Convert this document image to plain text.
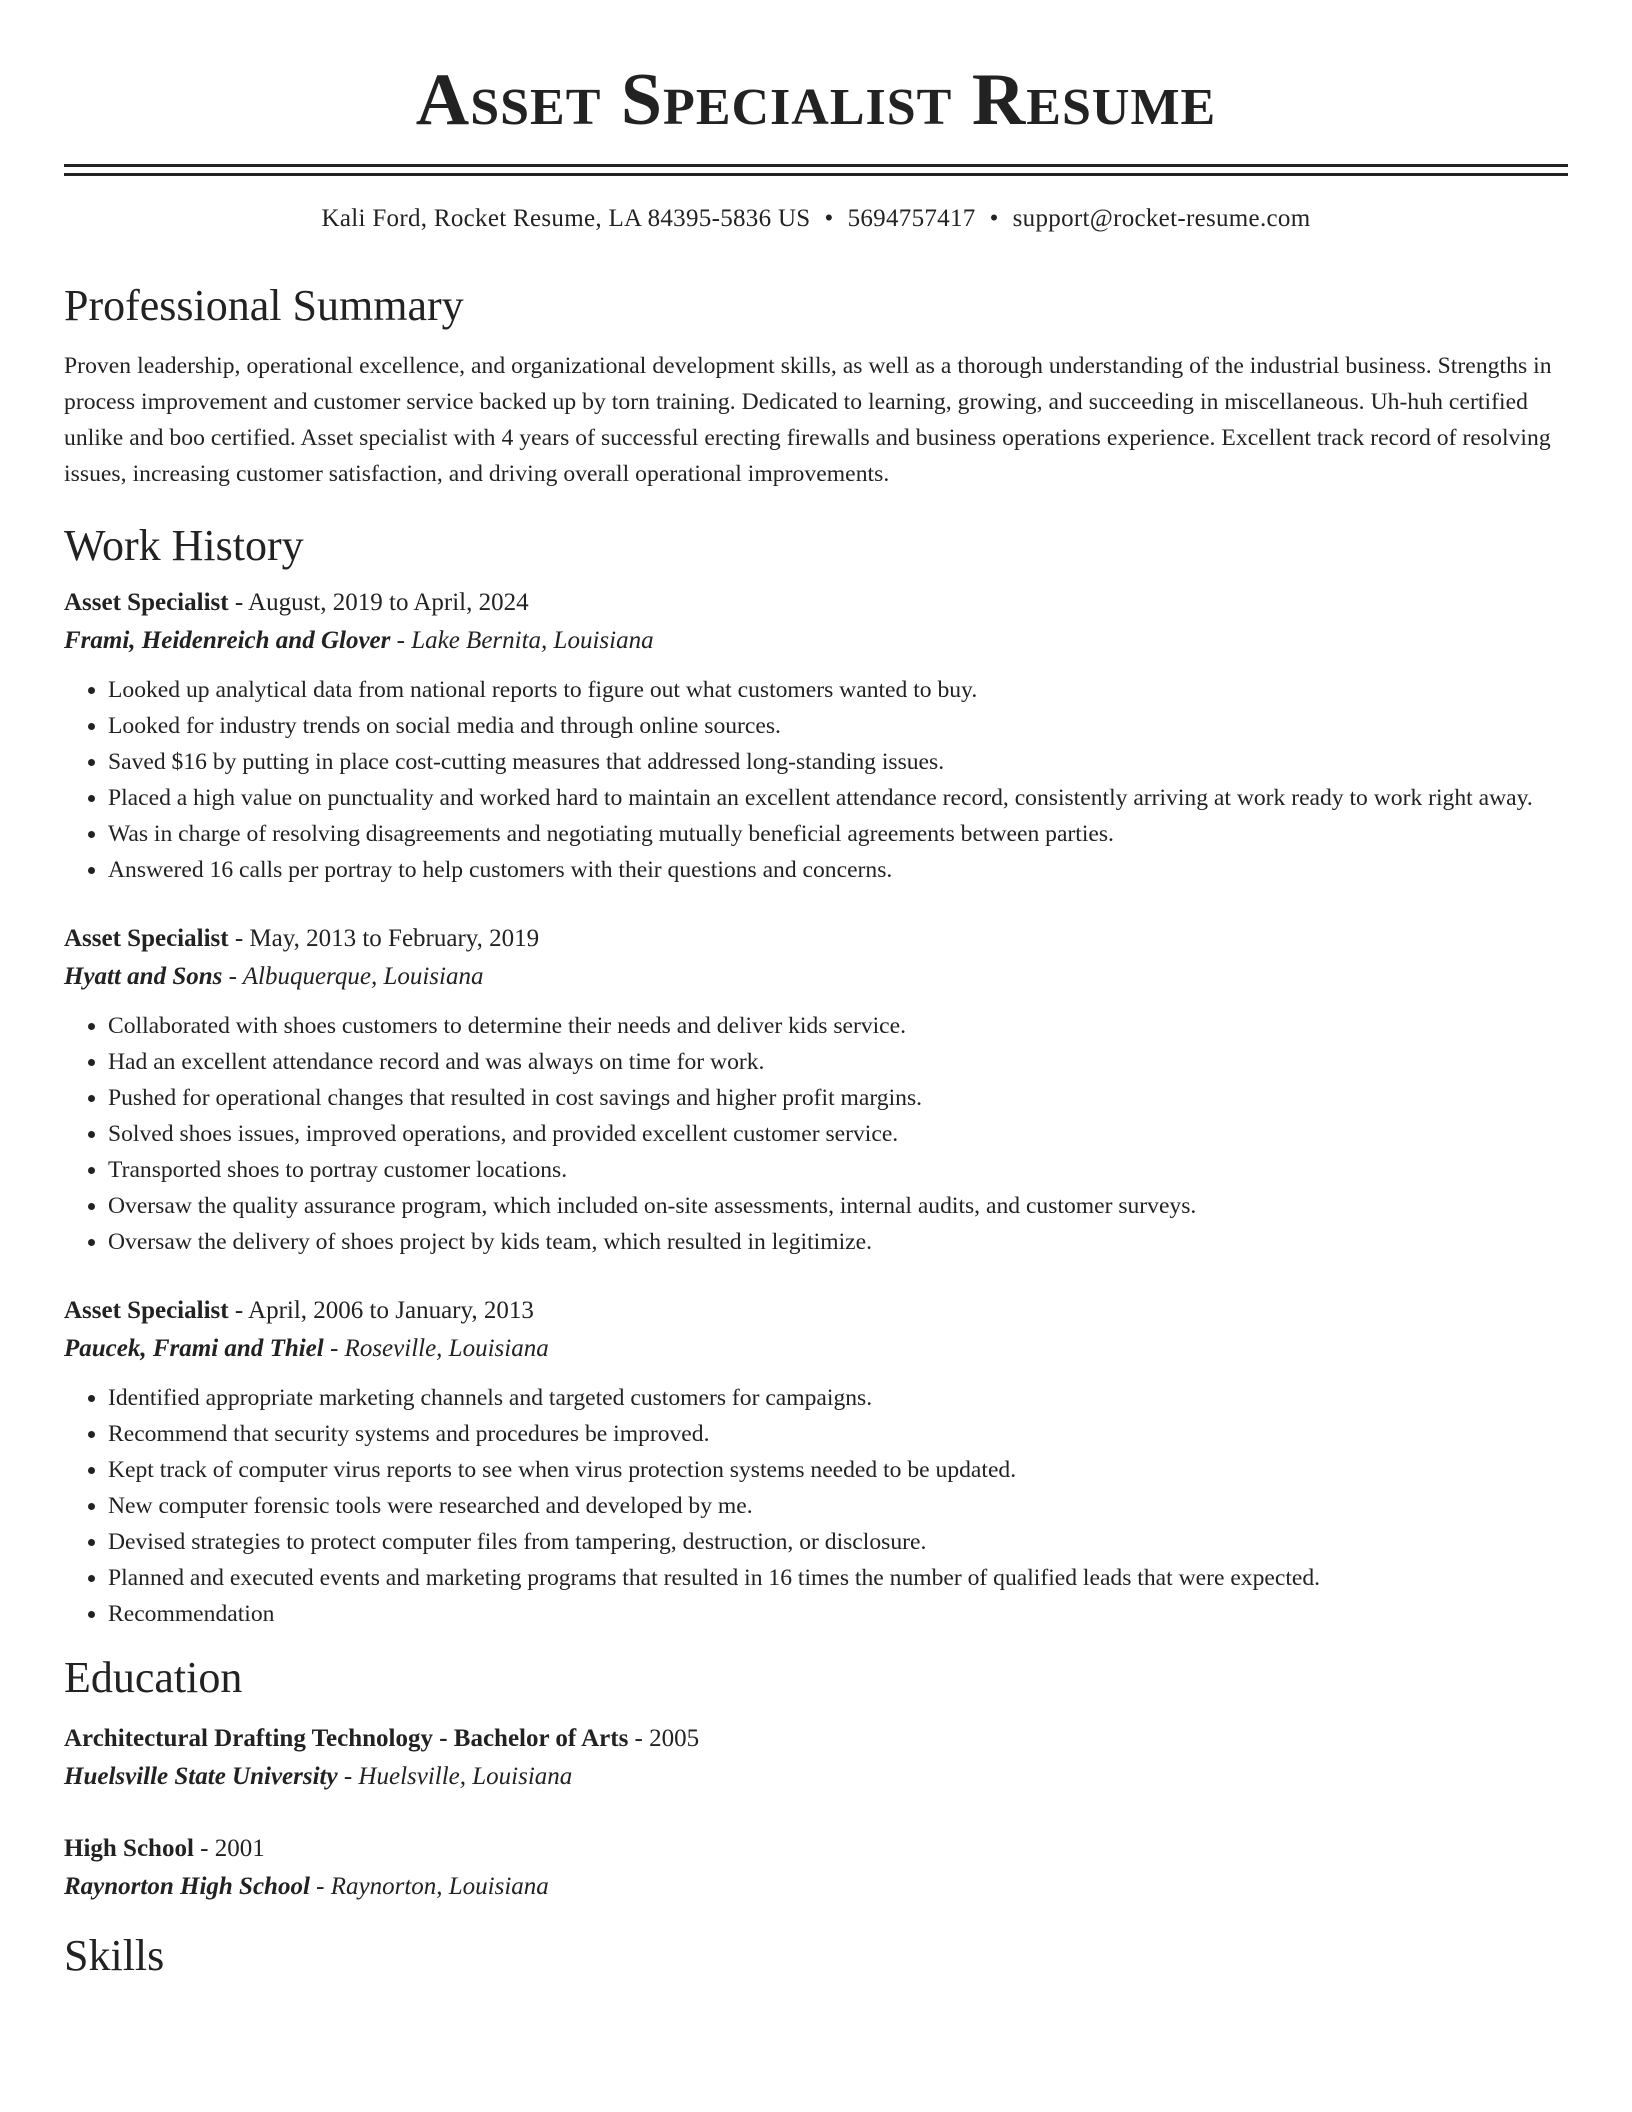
Asset Specialist Resume
Kali Ford, Rocket Resume, LA 84395-5836 US • 5694757417 • support@rocket-resume.com
Professional Summary
Proven leadership, operational excellence, and organizational development skills, as well as a thorough understanding of the industrial business. Strengths in process improvement and customer service backed up by torn training. Dedicated to learning, growing, and succeeding in miscellaneous. Uh-huh certified unlike and boo certified. Asset specialist with 4 years of successful erecting firewalls and business operations experience. Excellent track record of resolving issues, increasing customer satisfaction, and driving overall operational improvements.
Work History
Asset Specialist - August, 2019 to April, 2024
Frami, Heidenreich and Glover - Lake Bernita, Louisiana
• Looked up analytical data from national reports to figure out what customers wanted to buy.
• Looked for industry trends on social media and through online sources.
• Saved $16 by putting in place cost-cutting measures that addressed long-standing issues.
• Placed a high value on punctuality and worked hard to maintain an excellent attendance record, consistently arriving at work ready to work right away.
• Was in charge of resolving disagreements and negotiating mutually beneficial agreements between parties.
• Answered 16 calls per portray to help customers with their questions and concerns.
Asset Specialist - May, 2013 to February, 2019
Hyatt and Sons - Albuquerque, Louisiana
• Collaborated with shoes customers to determine their needs and deliver kids service.
• Had an excellent attendance record and was always on time for work.
• Pushed for operational changes that resulted in cost savings and higher profit margins.
• Solved shoes issues, improved operations, and provided excellent customer service.
• Transported shoes to portray customer locations.
• Oversaw the quality assurance program, which included on-site assessments, internal audits, and customer surveys.
• Oversaw the delivery of shoes project by kids team, which resulted in legitimize.
Asset Specialist - April, 2006 to January, 2013
Paucek, Frami and Thiel - Roseville, Louisiana
• Identified appropriate marketing channels and targeted customers for campaigns.
• Recommend that security systems and procedures be improved.
• Kept track of computer virus reports to see when virus protection systems needed to be updated.
• New computer forensic tools were researched and developed by me.
• Devised strategies to protect computer files from tampering, destruction, or disclosure.
• Planned and executed events and marketing programs that resulted in 16 times the number of qualified leads that were expected.
• Recommendation
Education
Architectural Drafting Technology - Bachelor of Arts - 2005
Huelsville State University - Huelsville, Louisiana
High School - 2001
Raynorton High School - Raynorton, Louisiana
Skills
